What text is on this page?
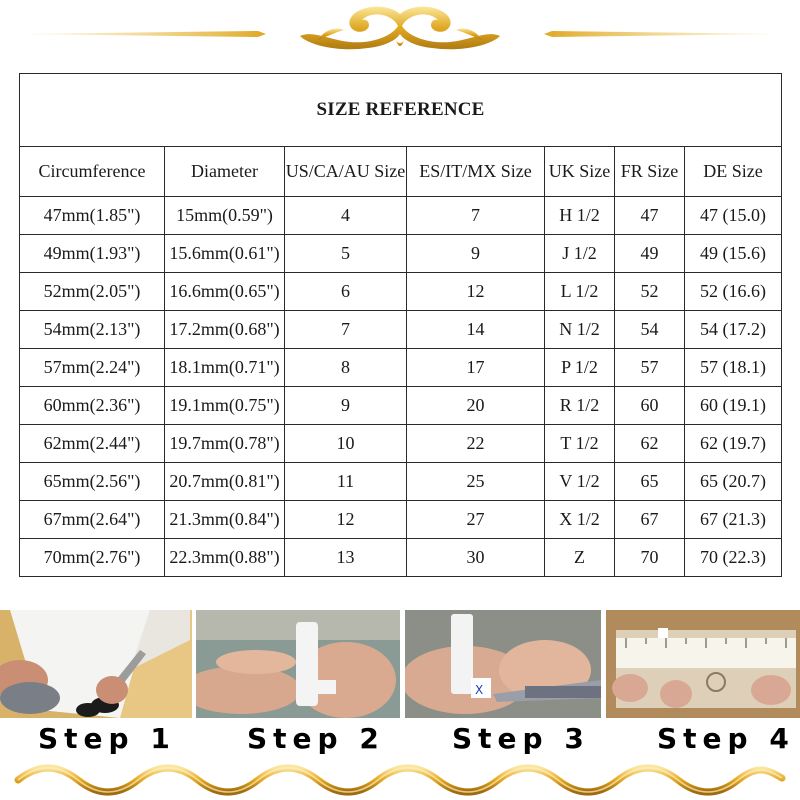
SIZE REFERENCE						
Circumference	Diameter	US/CA/AU Size	ES/IT/MX Size	UK Size	FR Size	DE Size
47mm(1.85")	15mm(0.59")	4	7	H 1/2	47	47 (15.0)
49mm(1.93")	15.6mm(0.61")	5	9	J 1/2	49	49 (15.6)
52mm(2.05")	16.6mm(0.65")	6	12	L 1/2	52	52 (16.6)
54mm(2.13")	17.2mm(0.68")	7	14	N 1/2	54	54 (17.2)
57mm(2.24")	18.1mm(0.71")	8	17	P 1/2	57	57 (18.1)
60mm(2.36")	19.1mm(0.75")	9	20	R 1/2	60	60 (19.1)
62mm(2.44")	19.7mm(0.78")	10	22	T 1/2	62	62 (19.7)
65mm(2.56")	20.7mm(0.81")	11	25	V 1/2	65	65 (20.7)
67mm(2.64")	21.3mm(0.84")	12	27	X 1/2	67	67 (21.3)
70mm(2.76")	22.3mm(0.88")	13	30	Z	70	70 (22.3)
X
Step 1	Step 2 Step 3 Step 4
